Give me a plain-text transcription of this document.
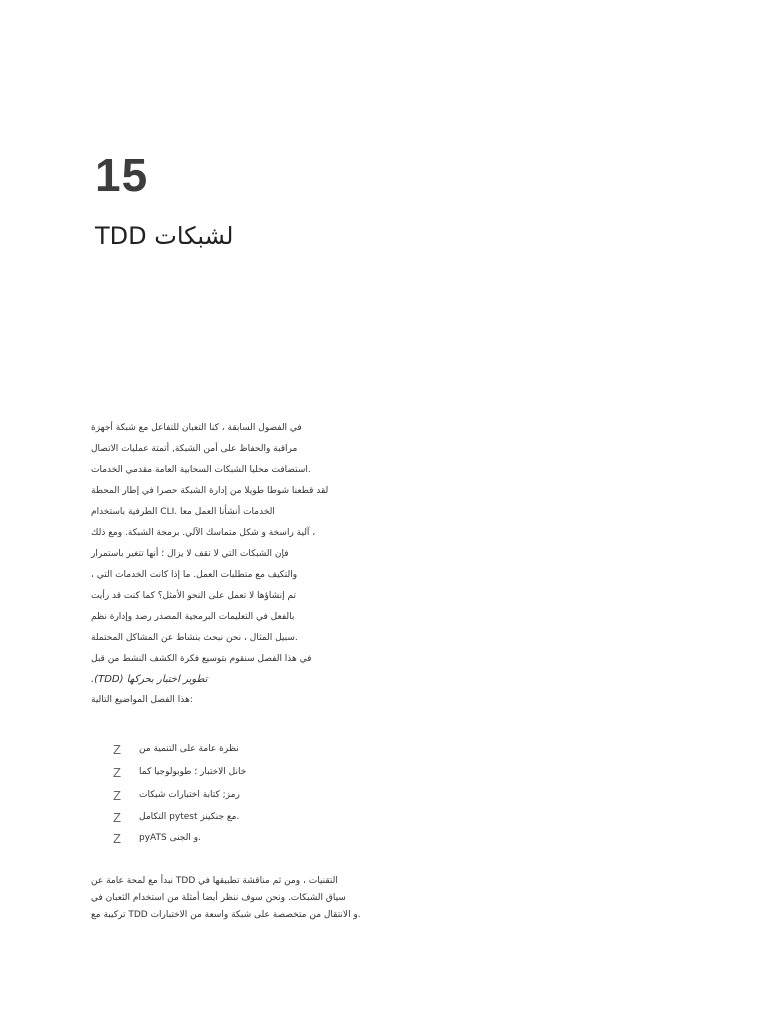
15
TDD لشبكات
في الفصول السابقة ، كنا التعبان للتفاعل مع شبكة أجهزة
مراقبة والحفاظ على أمن الشبكة, أتمتة عمليات الاتصال
.استضافت محليا الشبكات السحابية العامة مقدمي الخدمات
لقد قطعنا شوطا طويلا من إدارة الشبكة حصرا في إطار المحطة
الخدمات أنشأنا العمل معا .CLI الطرفية باستخدام
، آلية راسخة و شكل متماسك الآلي. برمجة الشبكة. ومع ذلك
فإن الشبكات التي لا تقف لا يزال ؛ أنها تتغير باستمرار
والتكيف مع متطلبات العمل. ما إذا كانت الخدمات التي ،
تم إنشاؤها لا تعمل على النحو الأمثل؟ كما كنت قد رأيت
بالفعل في التعليمات البرمجية المصدر رصد وإدارة نظم
.سبيل المثال ، نحن نبحث بنشاط عن المشاكل المحتملة
في هذا الفصل سنقوم بتوسيع فكرة الكشف النشط من قبل
.(TDD) تطوير اختبار بحركها
:هذا الفصل المواضيع التالية
Z	نظرة عامة على التنمية من
Z	خانل الاختبار ؛ طوبولوجيا كما
Z	رمز; كتابة اختبارات شبكات
Z	.مع جنكينز pytest التكامل
Z	.و الجنى pyATS
التقنيات ، ومن ثم مناقشة تطبيقها في TDD نبدأ مع لمحة عامة عن
سياق الشبكات. ونحن سوف ننظر أيضا أمثلة من استخدام الثعبان في
.و الانتقال من متخصصة على شبكة واسعة من الاختبارات TDD تركيبة مع
